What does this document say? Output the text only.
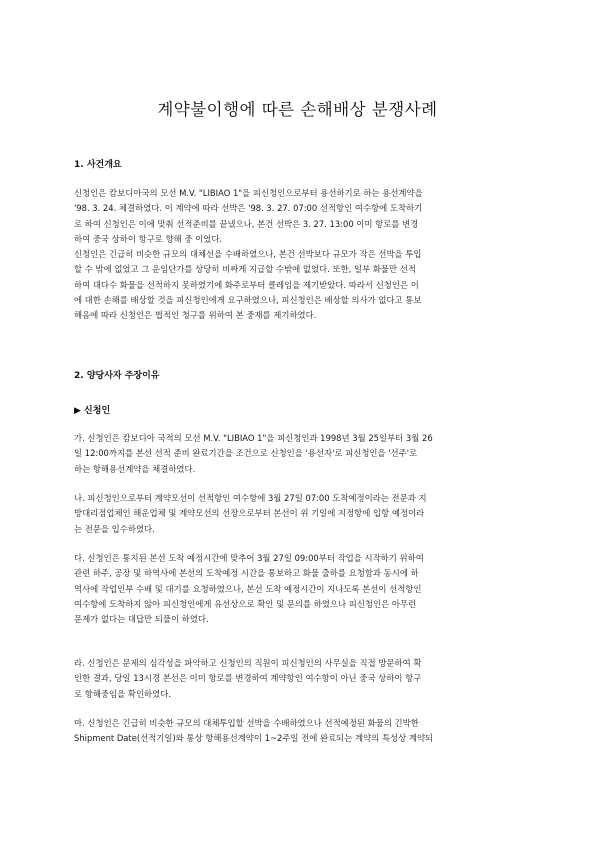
계약불이행에 따른 손해배상 분쟁사례
1. 사건개요
신청인은 캄보디아국의 모선 M.V. "LIBIAO 1"을 피신청인으로부터 용선하기로 하는 용선계약을
'98. 3. 24. 체결하였다. 이 계약에 따라 선박은 '98. 3. 27. 07:00 선적항인 여수항에 도착하기
로 하여 신청인은 이에 맞춰 선적준비를 끝냈으나, 본건 선박은 3. 27. 13:00 이미 항로를 변경
하여 중국 상하이 항구로 향해 중 이었다.
신청인은 긴급히 비슷한 규모의 대체선을 수배하였으나, 본건 선박보다 규모가 작은 선박을 투입
할 수 밖에 없었고 그 운임단가를 상당히 비싸게 지급할 수밖에 없었다. 또한, 일부 화물만 선적
하여 대다수 화물을 선적하지 못하였기에 화주로부터 클레임을 제기받았다. 따라서 신청인은 이
에 대한 손해를 배상할 것을 피신청인에게 요구하였으나, 피신청인은 배상할 의사가 없다고 통보
해옴에 따라 신청인은 법적인 청구를 위하여 본 중재를 제기하였다.
2. 양당사자 주장이유
▶ 신청인
가. 신청인은 캄보디아 국적의 모선 M.V. "LIBIAO 1"을 피신청인과 1998년 3월 25일부터 3월 26
일 12:00까지를 본선 선적 준비 완료기간을 조건으로 신청인을 '용선자'로 피신청인을 '선주'로
하는 항해용선계약을 체결하였다.
나. 피신청인으로부터 계약모선이 선적항인 여수항에 3월 27일 07:00 도착예정이라는 전문과 지
방대리점업체인 해운업체 및 계약모선의 선장으로부터 본선이 위 기일에 지정항에 입항 예정이라
는 전문을 입수하였다.
다. 신청인은 통지된 본선 도착 예정시간에 맞추어 3월 27일 09:00부터 작업을 시작하기 위하여
관련 하주, 공장 및 하역사에 본선의 도착예정 시간을 통보하고 화물 출하를 요청함과 동시에 하
역사에 작업인부 수배 및 대기를 요청하였으나, 본선 도착 예정시간이 지나도록 본선이 선적항인
여수항에 도착하지 않아 피신청인에게 유선상으로 확인 및 문의를 하였으나 피신청인은 아무런
문제가 없다는 대답만 되풀이 하였다.
라. 신청인은 문제의 심각성을 파악하고 신청인의 직원이 피신청인의 사무실을 직접 방문하여 확
인한 결과, 당일 13시경 본선은 이미 항로를 변경하여 계약항인 여수항이 아닌 중국 상하이 항구
로 항해중임을 확인하였다.
마. 신청인은 긴급히 비슷한 규모의 대체투입할 선박을 수배하였으나 선적예정된 화물의 긴박한
Shipment Date(선적기일)와 통상 항해용선계약이 1~2주일 전에 완료되는 계약의 특성상 계약되
